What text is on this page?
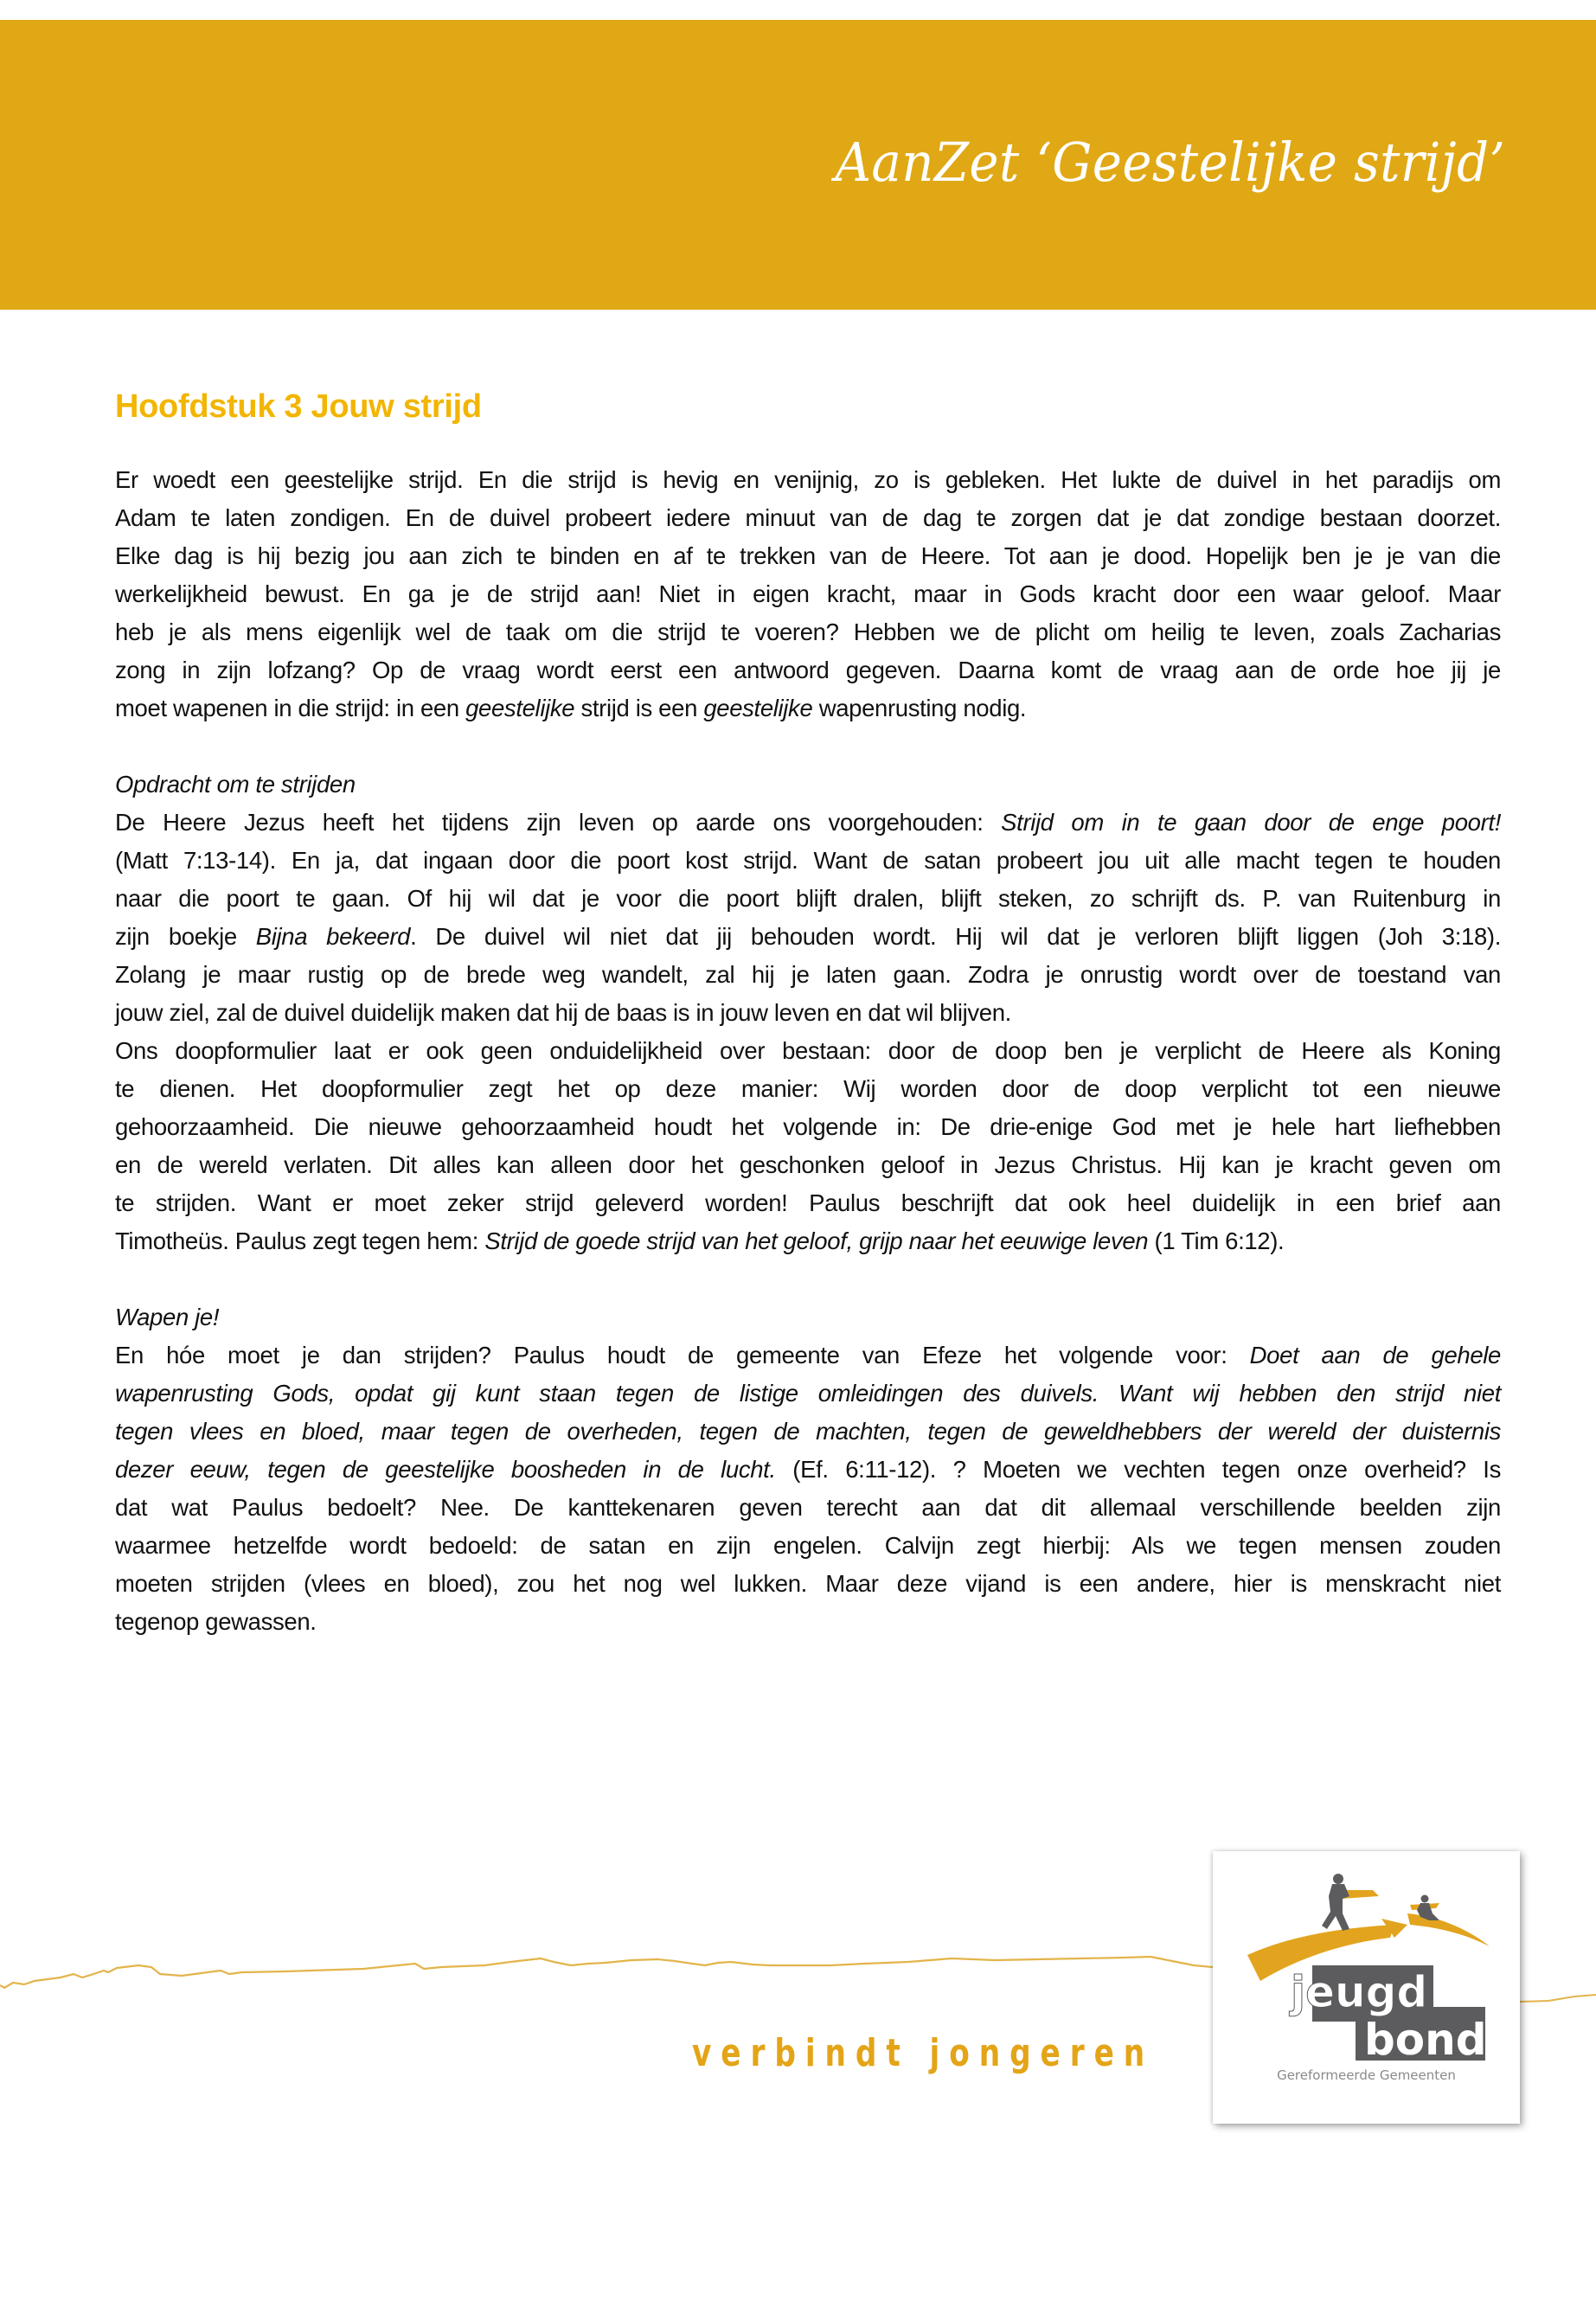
AanZet ‘Geestelijke strijd’
Hoofdstuk 3 Jouw strijd
Er woedt een geestelijke strijd. En die strijd is hevig en venijnig, zo is gebleken. Het lukte de duivel in het paradijs om
Adam te laten zondigen. En de duivel probeert iedere minuut van de dag te zorgen dat je dat zondige bestaan doorzet.
Elke dag is hij bezig jou aan zich te binden en af te trekken van de Heere. Tot aan je dood. Hopelijk ben je je van die
werkelijkheid bewust. En ga je de strijd aan! Niet in eigen kracht, maar in Gods kracht door een waar geloof. Maar
heb je als mens eigenlijk wel de taak om die strijd te voeren? Hebben we de plicht om heilig te leven, zoals Zacharias
zong in zijn lofzang? Op de vraag wordt eerst een antwoord gegeven. Daarna komt de vraag aan de orde hoe jij je
moet wapenen in die strijd: in een geestelijke strijd is een geestelijke wapenrusting nodig.
Opdracht om te strijden
De Heere Jezus heeft het tijdens zijn leven op aarde ons voorgehouden: Strijd om in te gaan door de enge poort!
(Matt 7:13-14). En ja, dat ingaan door die poort kost strijd. Want de satan probeert jou uit alle macht tegen te houden
naar die poort te gaan. Of hij wil dat je voor die poort blijft dralen, blijft steken, zo schrijft ds. P. van Ruitenburg in
zijn boekje Bijna bekeerd. De duivel wil niet dat jij behouden wordt. Hij wil dat je verloren blijft liggen (Joh 3:18).
Zolang je maar rustig op de brede weg wandelt, zal hij je laten gaan. Zodra je onrustig wordt over de toestand van
jouw ziel, zal de duivel duidelijk maken dat hij de baas is in jouw leven en dat wil blijven.
Ons doopformulier laat er ook geen onduidelijkheid over bestaan: door de doop ben je verplicht de Heere als Koning
te dienen. Het doopformulier zegt het op deze manier: Wij worden door de doop verplicht tot een nieuwe
gehoorzaamheid. Die nieuwe gehoorzaamheid houdt het volgende in: De drie-enige God met je hele hart liefhebben
en de wereld verlaten. Dit alles kan alleen door het geschonken geloof in Jezus Christus. Hij kan je kracht geven om
te strijden. Want er moet zeker strijd geleverd worden! Paulus beschrijft dat ook heel duidelijk in een brief aan
Timotheüs. Paulus zegt tegen hem: Strijd de goede strijd van het geloof, grijp naar het eeuwige leven (1 Tim 6:12).
Wapen je!
En hóe moet je dan strijden? Paulus houdt de gemeente van Efeze het volgende voor: Doet aan de gehele
wapenrusting Gods, opdat gij kunt staan tegen de listige omleidingen des duivels. Want wij hebben den strijd niet
tegen vlees en bloed, maar tegen de overheden, tegen de machten, tegen de geweldhebbers der wereld der duisternis
dezer eeuw, tegen de geestelijke boosheden in de lucht. (Ef. 6:11-12). ? Moeten we vechten tegen onze overheid? Is
dat wat Paulus bedoelt? Nee. De kanttekenaren geven terecht aan dat dit allemaal verschillende beelden zijn
waarmee hetzelfde wordt bedoeld: de satan en zijn engelen. Calvijn zegt hierbij: Als we tegen mensen zouden
moeten strijden (vlees en bloed), zou het nog wel lukken. Maar deze vijand is een andere, hier is menskracht niet
tegenop gewassen.
verbindt jongeren
jeugd
bond
Gereformeerde Gemeenten
